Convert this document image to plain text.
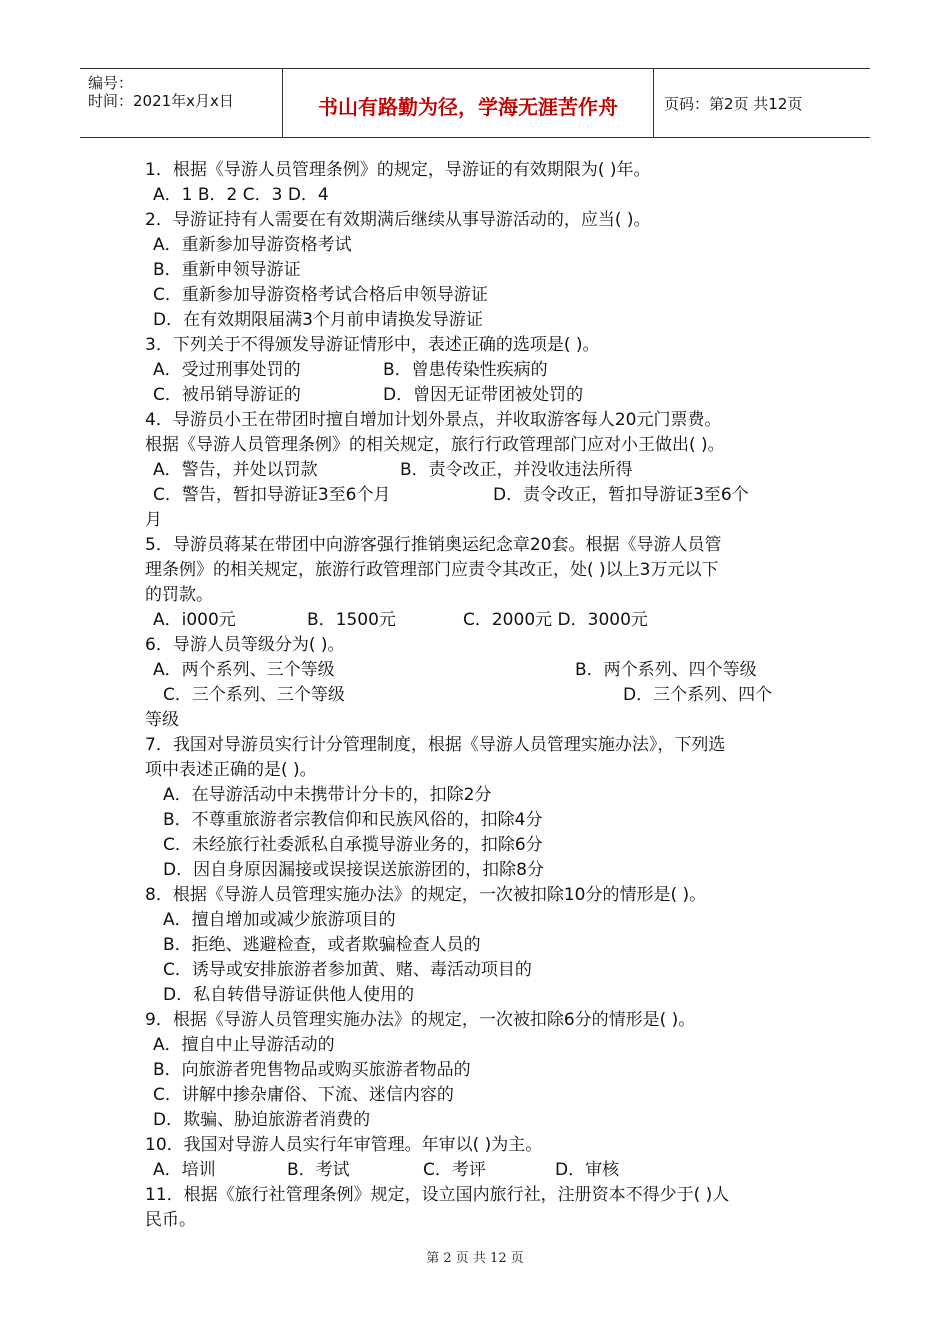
编号：
时间：2021年x月x日	书山有路勤为径，学海无涯苦作舟	页码：第2页 共12页
1．根据《导游人员管理条例》的规定，导游证的有效期限为( )年。
A．1 B．2 C．3 D．4
2．导游证持有人需要在有效期满后继续从事导游活动的，应当( )。
A．重新参加导游资格考试
B．重新申领导游证
C．重新参加导游资格考试合格后申领导游证
D．在有效期限届满3个月前申请换发导游证
3．下列关于不得颁发导游证情形中，表述正确的选项是( )。
A．受过刑事处罚的	B．曾患传染性疾病的
C．被吊销导游证的	D．曾因无证带团被处罚的
4．导游员小王在带团时擅自增加计划外景点，并收取游客每人20元门票费。
根据《导游人员管理条例》的相关规定，旅行行政管理部门应对小王做出( )。
A．警告，并处以罚款	B．责令改正，并没收违法所得
C．警告，暂扣导游证3至6个月	D．责令改正，暂扣导游证3至6个
月
5．导游员蒋某在带团中向游客强行推销奥运纪念章20套。根据《导游人员管
理条例》的相关规定，旅游行政管理部门应责令其改正，处( )以上3万元以下
的罚款。
A．i000元	B．1500元	C．2000元 D．3000元
6．导游人员等级分为( )。
A．两个系列、三个等级	B．两个系列、四个等级
C．三个系列、三个等级	D．三个系列、四个
等级
7．我国对导游员实行计分管理制度，根据《导游人员管理实施办法》，下列选
项中表述正确的是( )。
A．在导游活动中未携带计分卡的，扣除2分
B．不尊重旅游者宗教信仰和民族风俗的，扣除4分
C．未经旅行社委派私自承揽导游业务的，扣除6分
D．因自身原因漏接或误接误送旅游团的，扣除8分
8．根据《导游人员管理实施办法》的规定，一次被扣除10分的情形是( )。
A．擅自增加或减少旅游项目的
B．拒绝、逃避检查，或者欺骗检查人员的
C．诱导或安排旅游者参加黄、赌、毒活动项目的
D．私自转借导游证供他人使用的
9．根据《导游人员管理实施办法》的规定，一次被扣除6分的情形是( )。
A．擅自中止导游活动的
B．向旅游者兜售物品或购买旅游者物品的
C．讲解中掺杂庸俗、下流、迷信内容的
D．欺骗、胁迫旅游者消费的
10．我国对导游人员实行年审管理。年审以( )为主。
A．培训	B．考试	C．考评	D．审核
11．根据《旅行社管理条例》规定，设立国内旅行社，注册资本不得少于( )人
民币。
第 2 页 共 12 页
